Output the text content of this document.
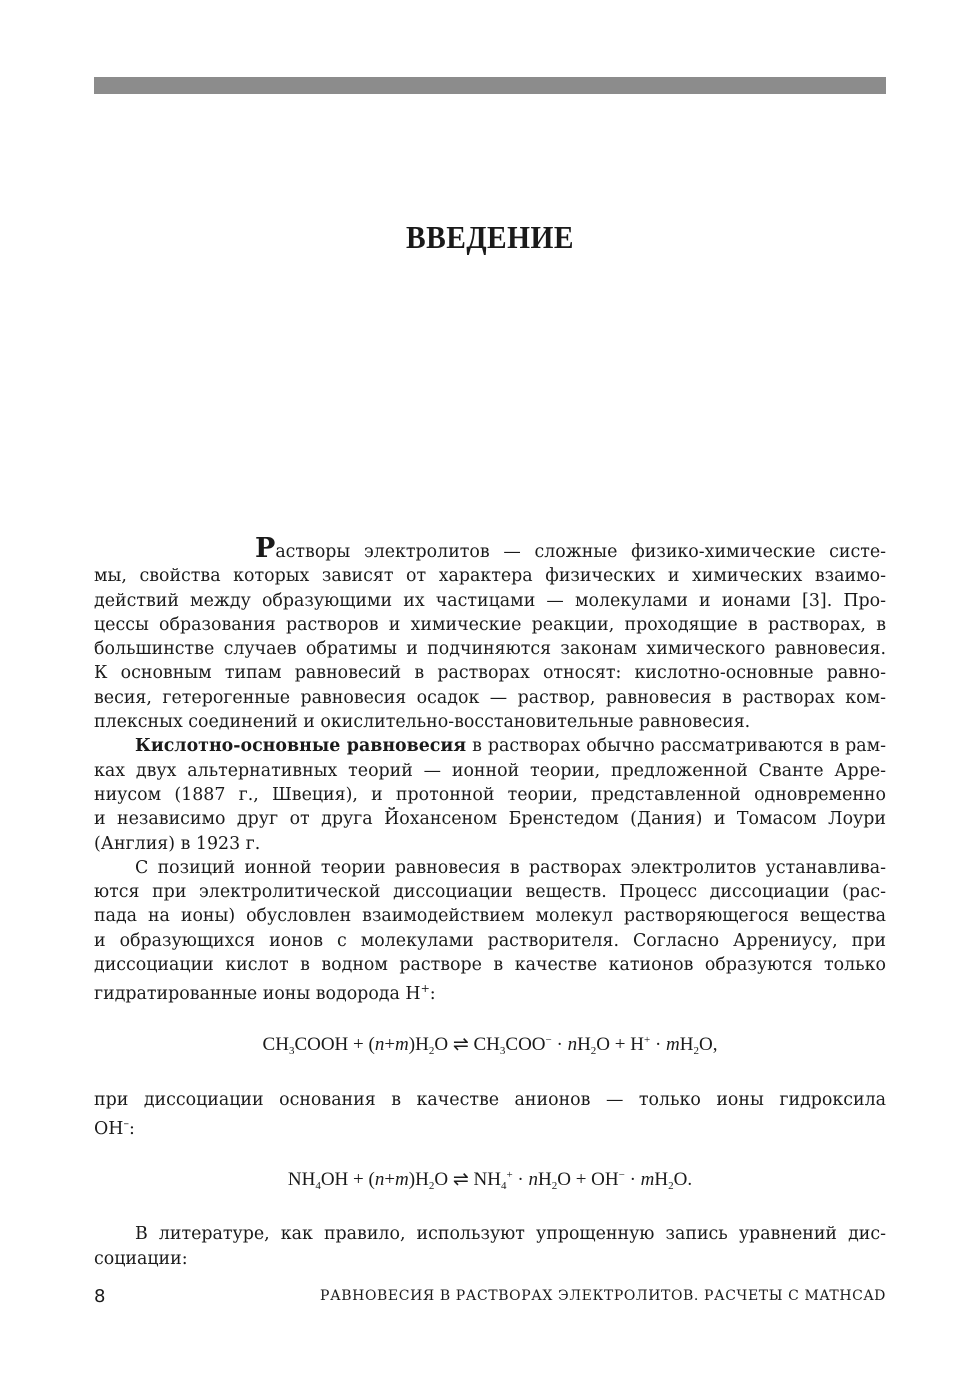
ВВЕДЕНИЕ
Растворы электролитов — сложные физико-химические систе-
мы, свойства которых зависят от характера физических и химических взаимо-
действий между образующими их частицами — молекулами и ионами [3]. Про-
цессы образования растворов и химические реакции, проходящие в растворах, в
большинстве случаев обратимы и подчиняются законам химического равновесия.
К основным типам равновесий в растворах относят: кислотно-основные равно-
весия, гетерогенные равновесия осадок — раствор, равновесия в растворах ком-
плексных соединений и окислительно-восстановительные равновесия.
Кислотно-основные равновесия в растворах обычно рассматриваются в рам-
ках двух альтернативных теорий — ионной теории, предложенной Сванте Арре-
ниусом (1887 г., Швеция), и протонной теории, представленной одновременно
и независимо друг от друга Йохансеном Бренстедом (Дания) и Томасом Лоури
(Англия) в 1923 г.
С позиций ионной теории равновесия в растворах электролитов устанавлива-
ются при электролитической диссоциации веществ. Процесс диссоциации (рас-
пада на ионы) обусловлен взаимодействием молекул растворяющегося вещества
и образующихся ионов с молекулами растворителя. Согласно Аррениусу, при
диссоциации кислот в водном растворе в качестве катионов образуются только
гидратированные ионы водорода H+:
$CH_3COOH + (n+m)H_2O$ ⇌ $CH_3COO^- \cdot nH_2O + H^+ \cdot mH_2O$,
при диссоциации основания в качестве анионов — только ионы гидроксила
OH–:
$NH_4OH + (n+m)H_2O$ ⇌ $NH_4^+ \cdot nH_2O + OH^- \cdot mH_2O$.
В литературе, как правило, используют упрощенную запись уравнений дис-
социации:
8	РАВНОВЕСИЯ В РАСТВОРАХ ЭЛЕКТРОЛИТОВ. РАСЧЕТЫ С MATHCAD
